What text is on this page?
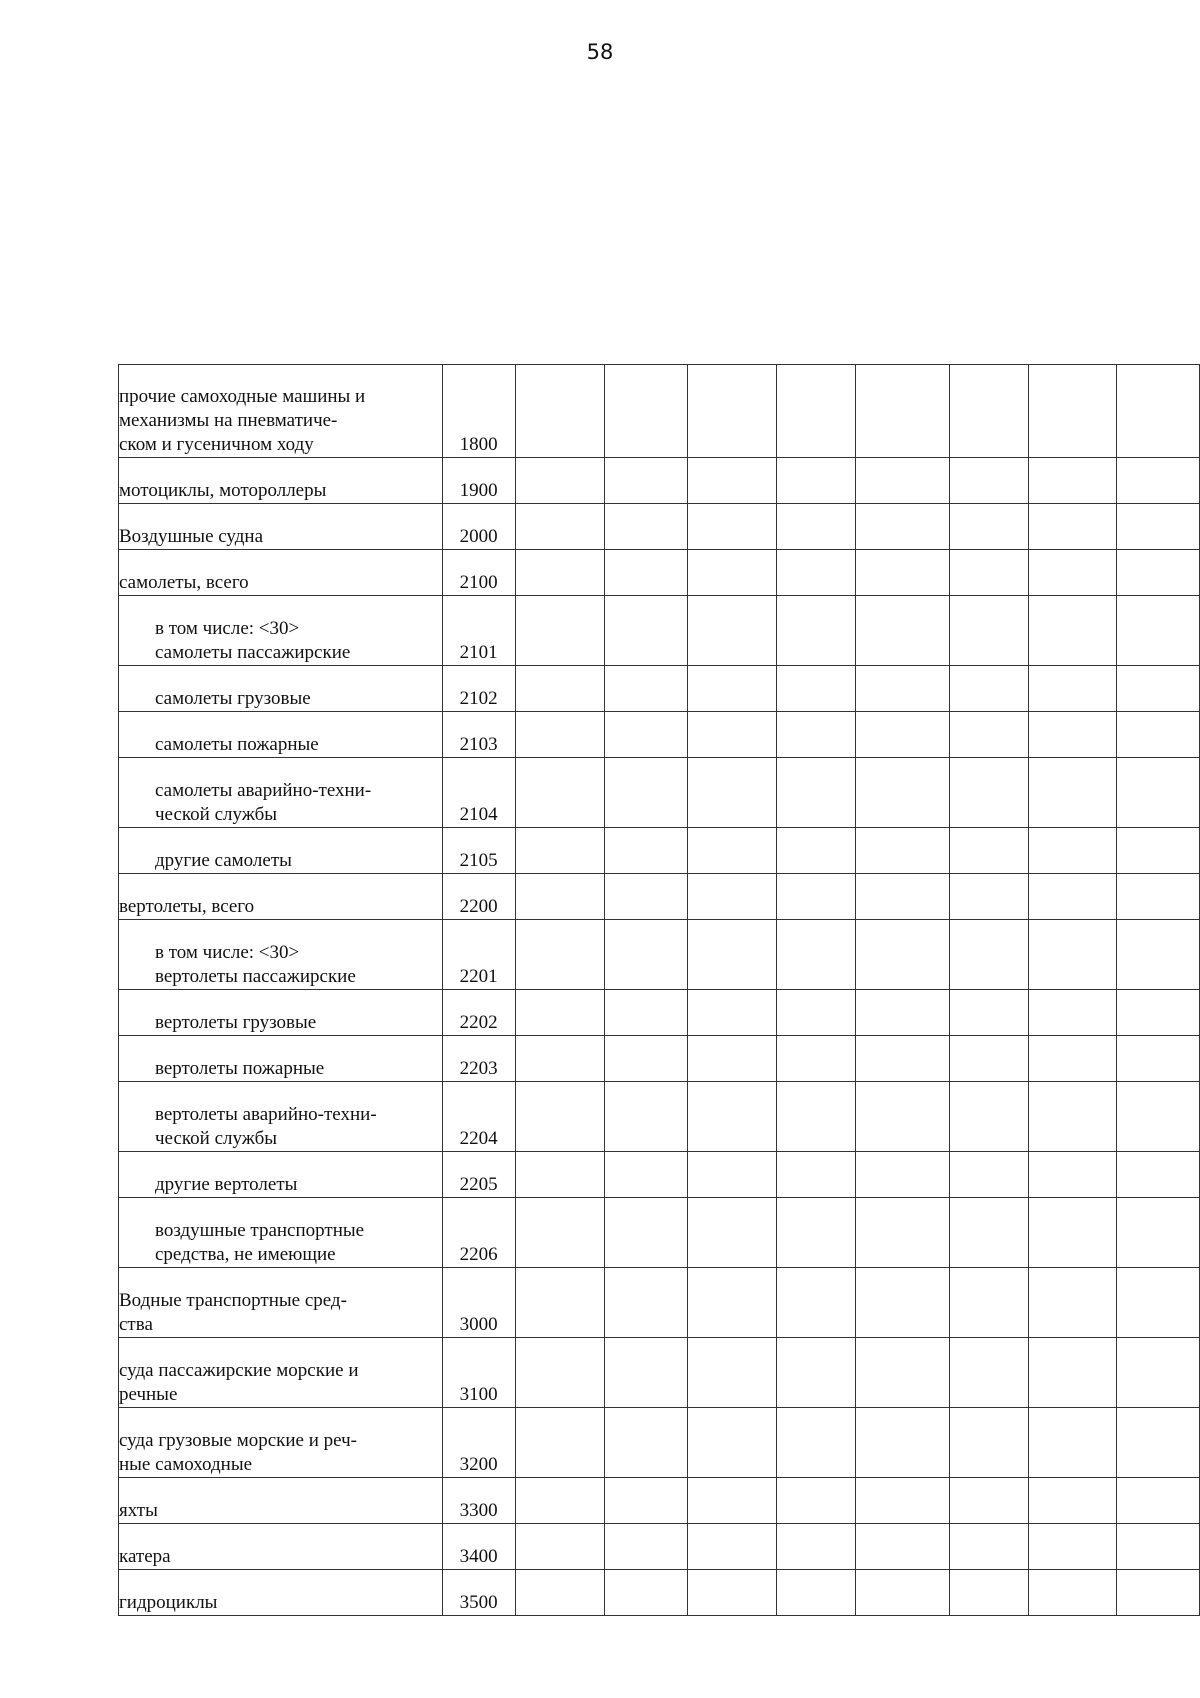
58
прочие самоходные машины и
механизмы на пневматиче-
ском и гусеничном ходу	1800								

мотоциклы, мотороллеры	1900								

Воздушные судна	2000								

самолеты, всего	2100								

в том числе: <30>
самолеты пассажирские	2101								

самолеты грузовые	2102								

самолеты пожарные	2103								

самолеты аварийно-техни-
ческой службы	2104								

другие самолеты	2105								

вертолеты, всего	2200								

в том числе: <30>
вертолеты пассажирские	2201								

вертолеты грузовые	2202								

вертолеты пожарные	2203								

вертолеты аварийно-техни-
ческой службы	2204								

другие вертолеты	2205								

воздушные транспортные
средства, не имеющие	2206								

Водные транспортные сред-
ства	3000								

суда пассажирские морские и
речные	3100								

суда грузовые морские и реч-
ные самоходные	3200								

яхты	3300								

катера	3400								

гидроциклы	3500								
